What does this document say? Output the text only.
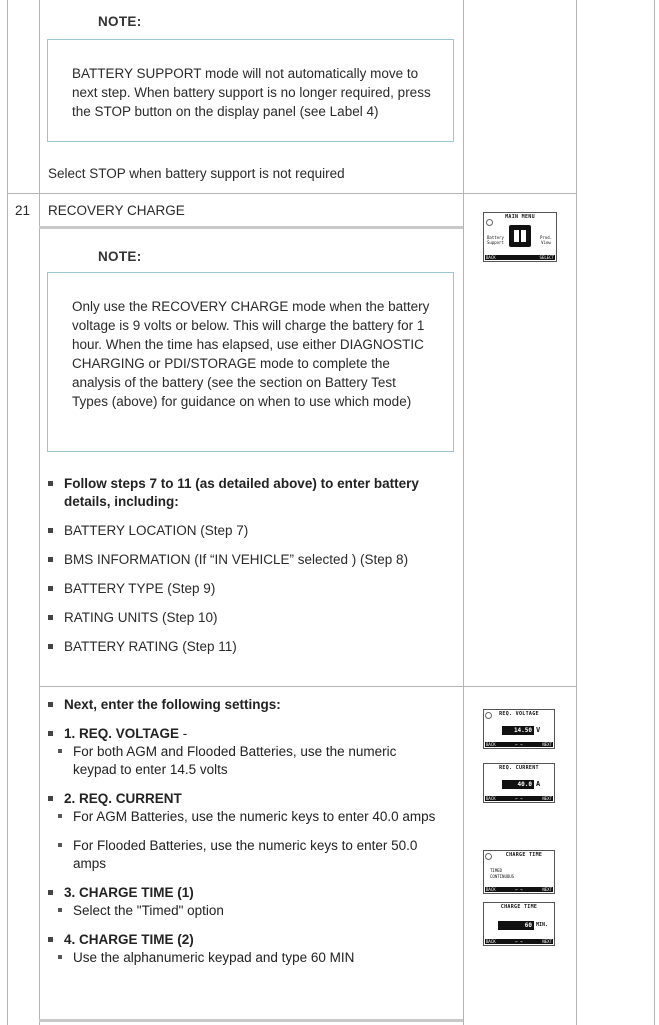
NOTE:
BATTERY SUPPORT mode will not automatically move to next step. When battery support is no longer required, press the STOP button on the display panel (see Label 4)
Select STOP when battery support is not required
21 RECOVERY CHARGE
NOTE:
Only use the RECOVERY CHARGE mode when the battery voltage is 9 volts or below. This will charge the battery for 1 hour. When the time has elapsed, use either DIAGNOSTIC CHARGING or PDI/STORAGE mode to complete the analysis of the battery (see the section on Battery Test Types (above) for guidance on when to use which mode)
Follow steps 7 to 11 (as detailed above) to enter battery details, including:
BATTERY LOCATION (Step 7)
BMS INFORMATION (If “IN VEHICLE” selected ) (Step 8)
BATTERY TYPE (Step 9)
RATING UNITS (Step 10)
BATTERY RATING (Step 11)
Next, enter the following settings:
1. REQ. VOLTAGE -
For both AGM and Flooded Batteries, use the numeric keypad to enter 14.5 volts
2. REQ. CURRENT
For AGM Batteries, use the numeric keys to enter 40.0 amps
For Flooded Batteries, use the numeric keys to enter 50.0 amps
3. CHARGE TIME (1)
Select the "Timed" option
4. CHARGE TIME (2)
Use the alphanumeric keypad and type 60 MIN
MAIN MENU
Battery Support
Prod. View
BACK	SELECT
REQ. VOLTAGE
14.50 V
BACK	← →	NEXT
REQ. CURRENT
40.0 A
BACK	← →	NEXT
CHARGE TIME
TIMED
CONTINUOUS
BACK	← →	NEXT
CHARGE TIME
60 MIN.
BACK	← →	NEXT
